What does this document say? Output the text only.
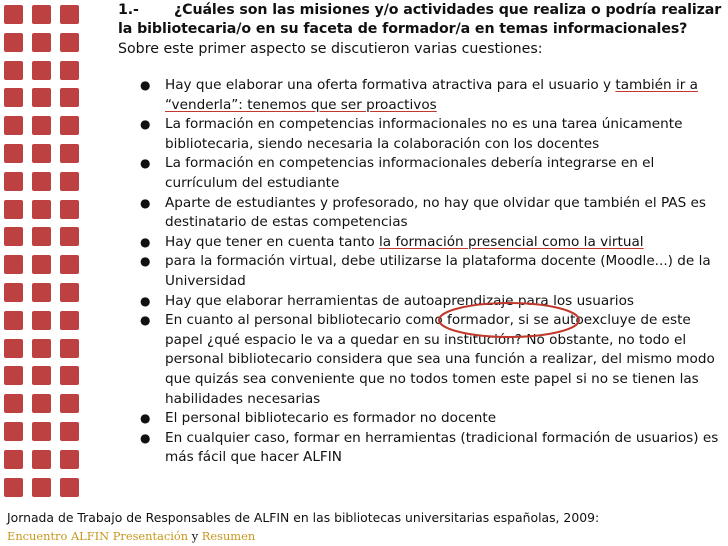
1.- ¿Cuáles son las misiones y/o actividades que realiza o podría realizar
la bibliotecaria/o en su faceta de formador/a en temas informacionales?
Sobre este primer aspecto se discutieron varias cuestiones:
● Hay que elaborar una oferta formativa atractiva para el usuario y también ir a “venderla”: tenemos que ser proactivos
● La formación en competencias informacionales no es una tarea únicamente bibliotecaria, siendo necesaria la colaboración con los docentes
● La formación en competencias informacionales debería integrarse en el currículum del estudiante
● Aparte de estudiantes y profesorado, no hay que olvidar que también el PAS es destinatario de estas competencias
● Hay que tener en cuenta tanto la formación presencial como la virtual
● para la formación virtual, debe utilizarse la plataforma docente (Moodle...) de la Universidad
● Hay que elaborar herramientas de autoaprendizaje para los usuarios
● En cuanto al personal bibliotecario como formador, si se autoexcluye de este papel ¿qué espacio le va a quedar en su institución? No obstante, no todo el personal bibliotecario considera que sea una función a realizar, del mismo modo que quizás sea conveniente que no todos tomen este papel si no se tienen las habilidades necesarias
● El personal bibliotecario es formador no docente
● En cualquier caso, formar en herramientas (tradicional formación de usuarios) es más fácil que hacer ALFIN
Jornada de Trabajo de Responsables de ALFIN en las bibliotecas universitarias españolas, 2009:
Encuentro ALFIN Presentación y Resumen
